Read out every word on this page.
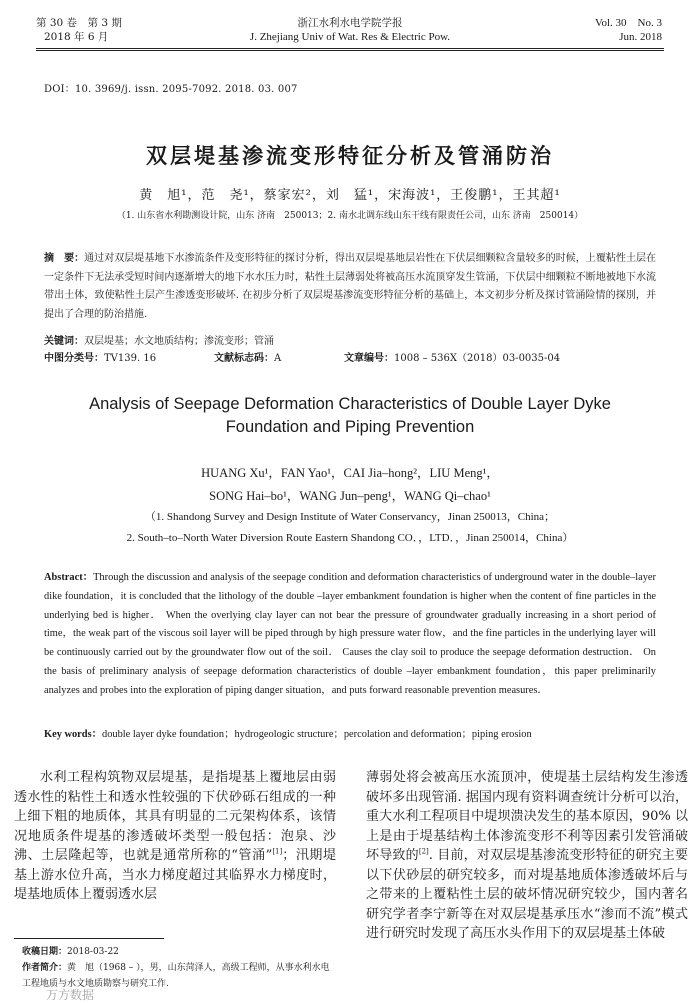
第 30 卷　第 3 期
2018 年 6 月
浙江水利水电学院学报
J. Zhejiang Univ of Wat. Res & Electric Pow.
Vol. 30　No. 3
Jun. 2018
DOI：10. 3969/j. issn. 2095-7092. 2018. 03. 007
双层堤基渗流变形特征分析及管涌防治
黄　旭¹，范　尧¹，蔡家宏²，刘　猛¹，宋海波¹，王俊鹏¹，王其超¹
（1. 山东省水利勘测设计院，山东 济南　250013；2. 南水北调东线山东干线有限责任公司，山东 济南　250014）
摘　要：通过对双层堤基地下水渗流条件及变形特征的探讨分析，得出双层堤基地层岩性在下伏层细颗粒含量较多的时候，上覆粘性土层在一定条件下无法承受短时间内逐渐增大的地下水水压力时，粘性土层薄弱处将被高压水流顶穿发生管涌，下伏层中细颗粒不断地被地下水流带出土体，致使粘性土层产生渗透变形破坏. 在初步分析了双层堤基渗流变形特征分析的基础上，本文初步分析及探讨管涌险情的探別，并提出了合理的防治措施.
关键词：双层堤基；水文地质结构；渗流变形；管涌
中图分类号：TV139. 16	文献标志码：A	文章编号：1008 – 536X（2018）03-0035-04
Analysis of Seepage Deformation Characteristics of Double Layer Dyke
Foundation and Piping Prevention
HUANG Xu¹，FAN Yao¹，CAI Jia–hong²，LIU Meng¹，
SONG Hai–bo¹，WANG Jun–peng¹，WANG Qi–chao¹
（1. Shandong Survey and Design Institute of Water Conservancy，Jinan 250013，China；
2. South–to–North Water Diversion Route Eastern Shandong CO．，LTD．，Jinan 250014，China）
Abstract：Through the discussion and analysis of the seepage condition and deformation characteristics of underground water in the double–layer dike foundation，it is concluded that the lithology of the double –layer embankment foundation is higher when the content of fine particles in the underlying bed is higher． When the overlying clay layer can not bear the pressure of groundwater gradually increasing in a short period of time，the weak part of the viscous soil layer will be piped through by high pressure water flow，and the fine particles in the underlying layer will be continuously carried out by the groundwater flow out of the soil． Causes the clay soil to produce the seepage deformation destruction． On the basis of preliminary analysis of seepage deformation characteristics of double –layer embankment foundation，this paper preliminarily analyzes and probes into the exploration of piping danger situation，and puts forward reasonable prevention measures．
Key words：double layer dyke foundation；hydrogeologic structure；percolation and deformation；piping erosion

水利工程构筑物双层堤基，是指堤基上覆地层由弱透水性的粘性土和透水性较强的下伏砂砾石组成的一种上细下粗的地质体，其具有明显的二元架构体系，该情况地质条件堤基的渗透破坏类型一般包括：泡泉、沙沸、土层隆起等，也就是通常所称的“管涌”[1]；汛期堤基上游水位升高，当水力梯度超过其临界水力梯度时，堤基地质体上覆弱透水层

薄弱处将会被高压水流顶冲，使堤基土层结构发生渗透破坏多出现管涌. 据国内现有资料调查统计分析可以治，重大水利工程项目中堤坝溃决发生的基本原因，90% 以上是由于堤基结构土体渗流变形不利等因素引发管涌破坏导致的[2]. 目前，对双层堤基渗流变形特征的研究主要以下伏砂层的研究较多，而对堤基地质体渗透破坏后与之带来的上覆粘性土层的破坏情况研究较少，国内著名研究学者李宁新等在对双层堤基承压水“渗而不流”模式进行研究时发现了高压水头作用下的双层堤基土体破

收稿日期：2018-03-22
作者简介：黄　旭（1968 – ），男，山东菏泽人，高级工程师，从事水利水电工程地质与水文地质勘察与研究工作.
万方数据
